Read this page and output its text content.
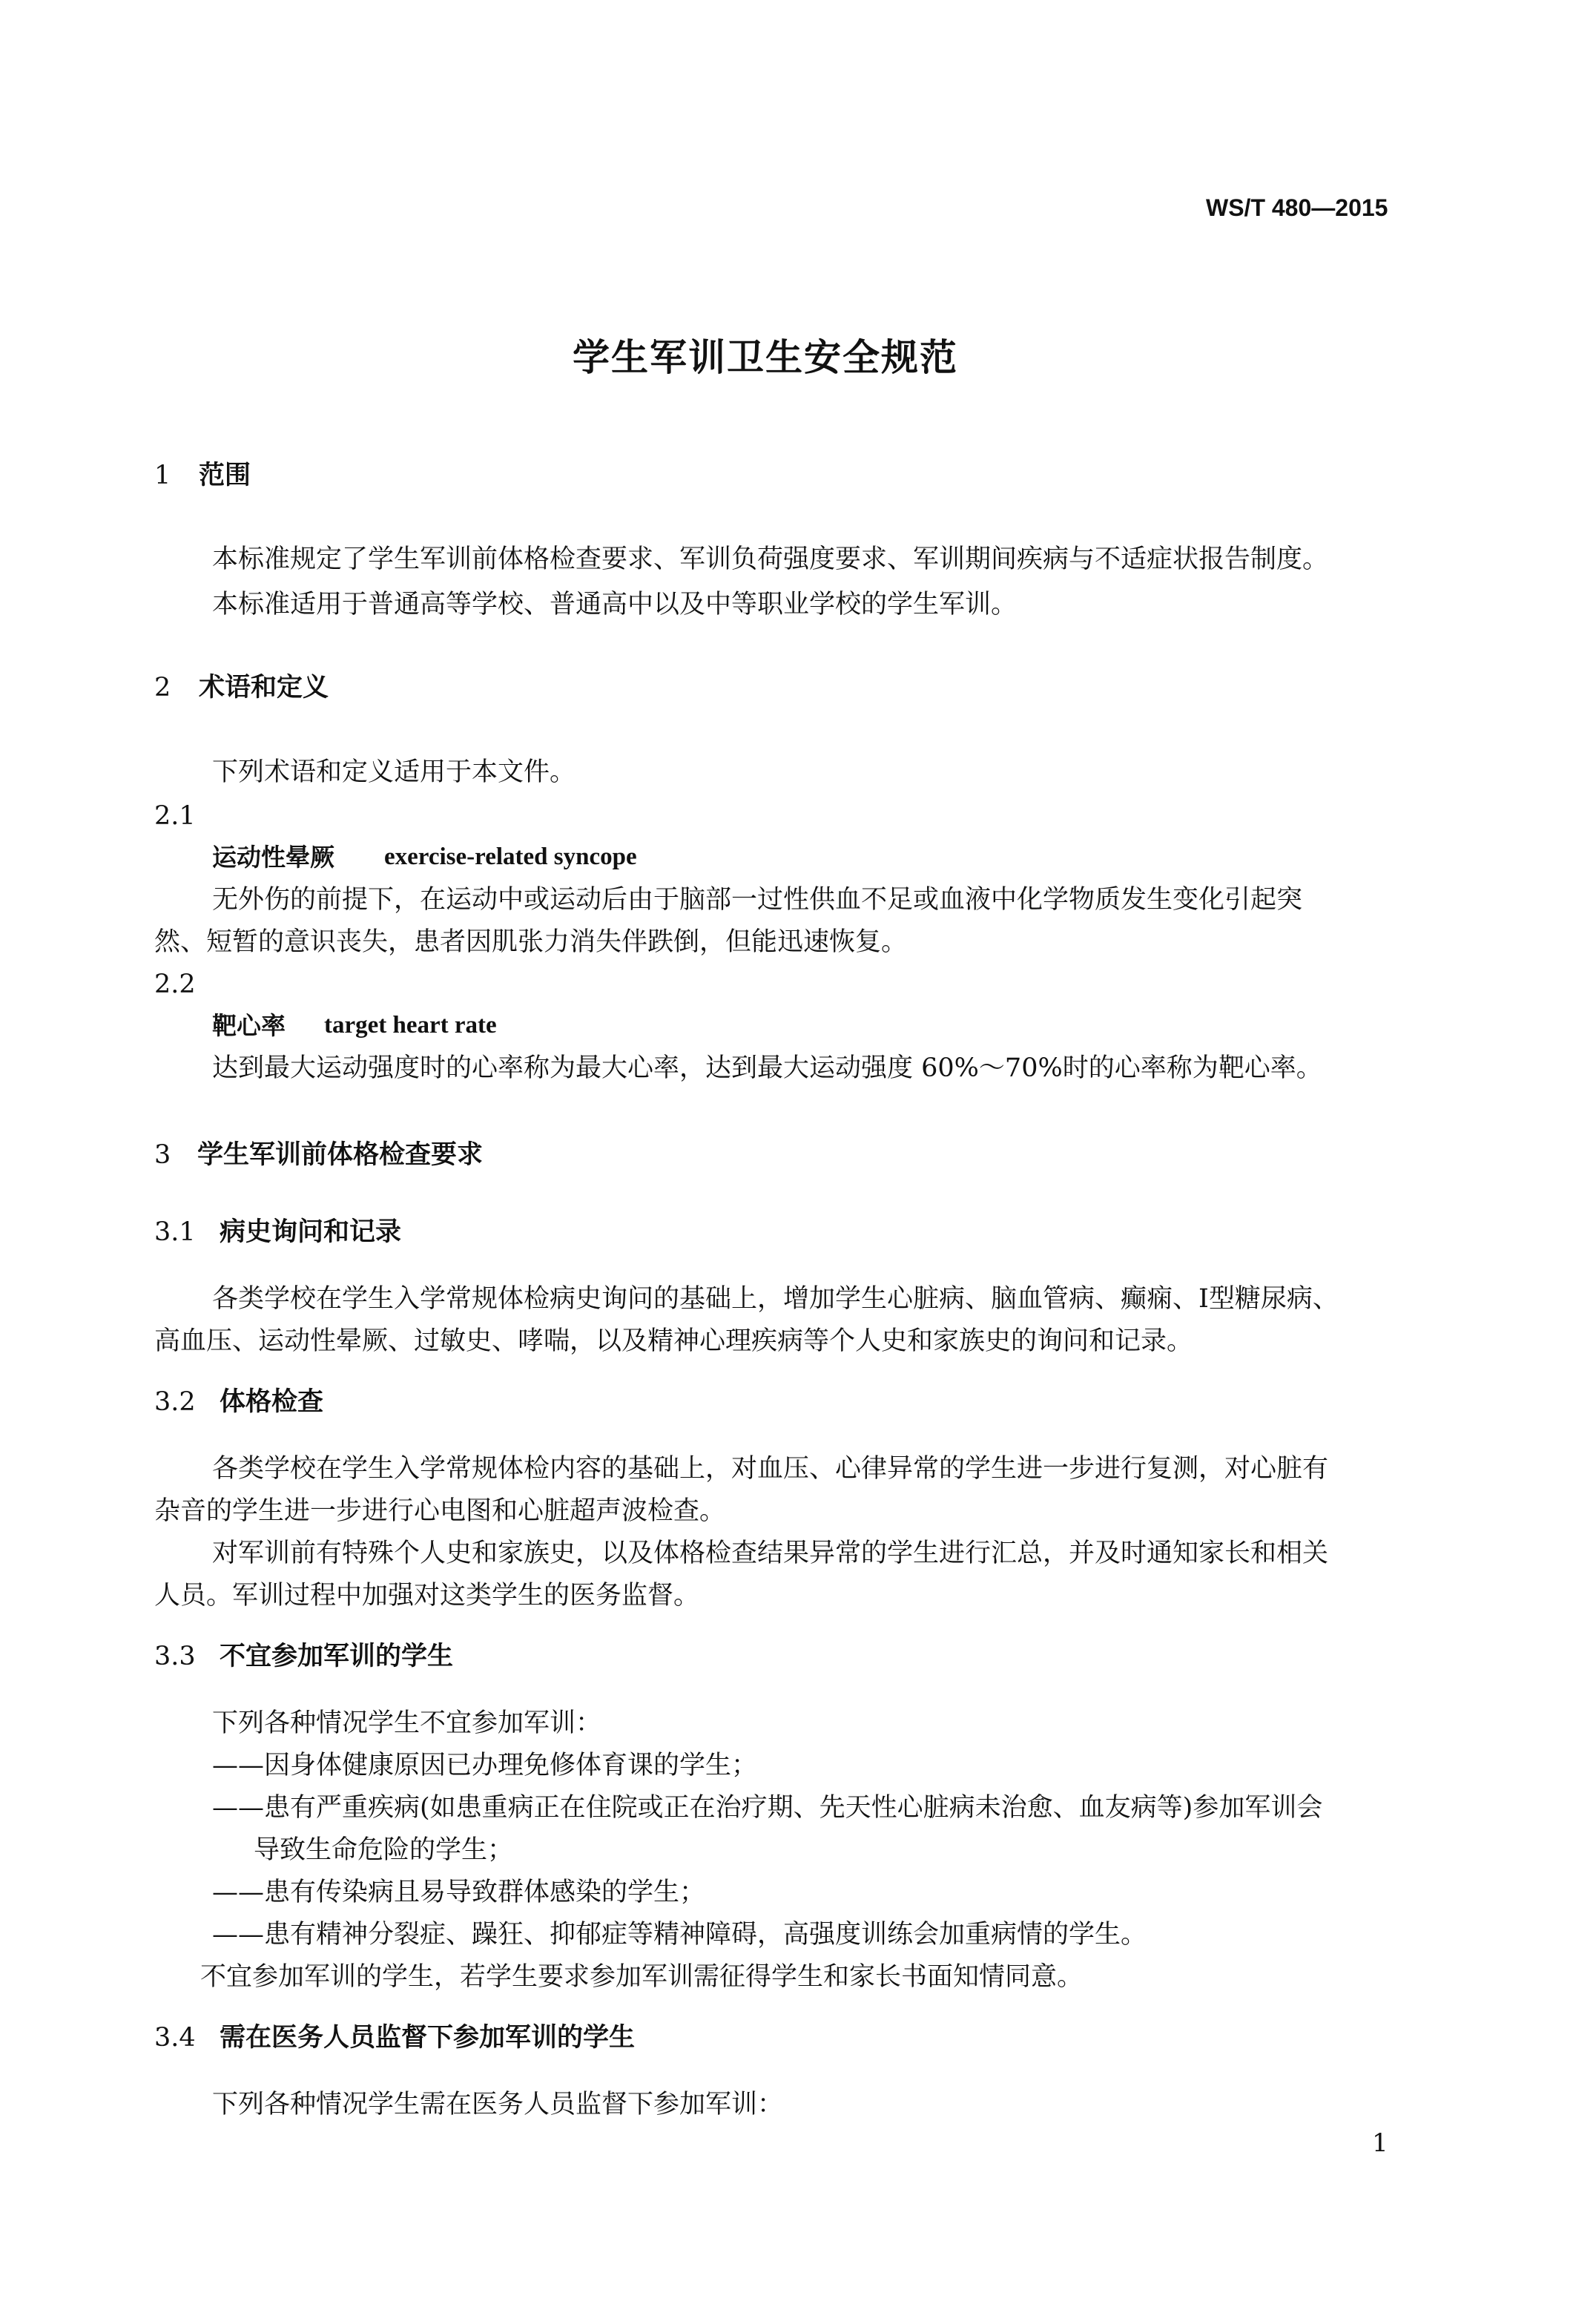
WS/T 480—2015
学生军训卫生安全规范
1 范围
本标准规定了学生军训前体格检查要求、军训负荷强度要求、军训期间疾病与不适症状报告制度。
本标准适用于普通高等学校、普通高中以及中等职业学校的学生军训。
2 术语和定义
下列术语和定义适用于本文件。
2.1
运动性晕厥 exercise-related syncope
无外伤的前提下，在运动中或运动后由于脑部一过性供血不足或血液中化学物质发生变化引起突
然、短暂的意识丧失，患者因肌张力消失伴跌倒，但能迅速恢复。
2.2
靶心率 target heart rate
达到最大运动强度时的心率称为最大心率，达到最大运动强度 60%～70%时的心率称为靶心率。
3 学生军训前体格检查要求
3.1 病史询问和记录
各类学校在学生入学常规体检病史询问的基础上，增加学生心脏病、脑血管病、癫痫、Ⅰ型糖尿病、
高血压、运动性晕厥、过敏史、哮喘，以及精神心理疾病等个人史和家族史的询问和记录。
3.2 体格检查
各类学校在学生入学常规体检内容的基础上，对血压、心律异常的学生进一步进行复测，对心脏有
杂音的学生进一步进行心电图和心脏超声波检查。
对军训前有特殊个人史和家族史，以及体格检查结果异常的学生进行汇总，并及时通知家长和相关
人员。军训过程中加强对这类学生的医务监督。
3.3 不宜参加军训的学生
下列各种情况学生不宜参加军训：
——因身体健康原因已办理免修体育课的学生；
——患有严重疾病(如患重病正在住院或正在治疗期、先天性心脏病未治愈、血友病等)参加军训会
导致生命危险的学生；
——患有传染病且易导致群体感染的学生；
——患有精神分裂症、躁狂、抑郁症等精神障碍，高强度训练会加重病情的学生。
不宜参加军训的学生，若学生要求参加军训需征得学生和家长书面知情同意。
3.4 需在医务人员监督下参加军训的学生
下列各种情况学生需在医务人员监督下参加军训：
1
